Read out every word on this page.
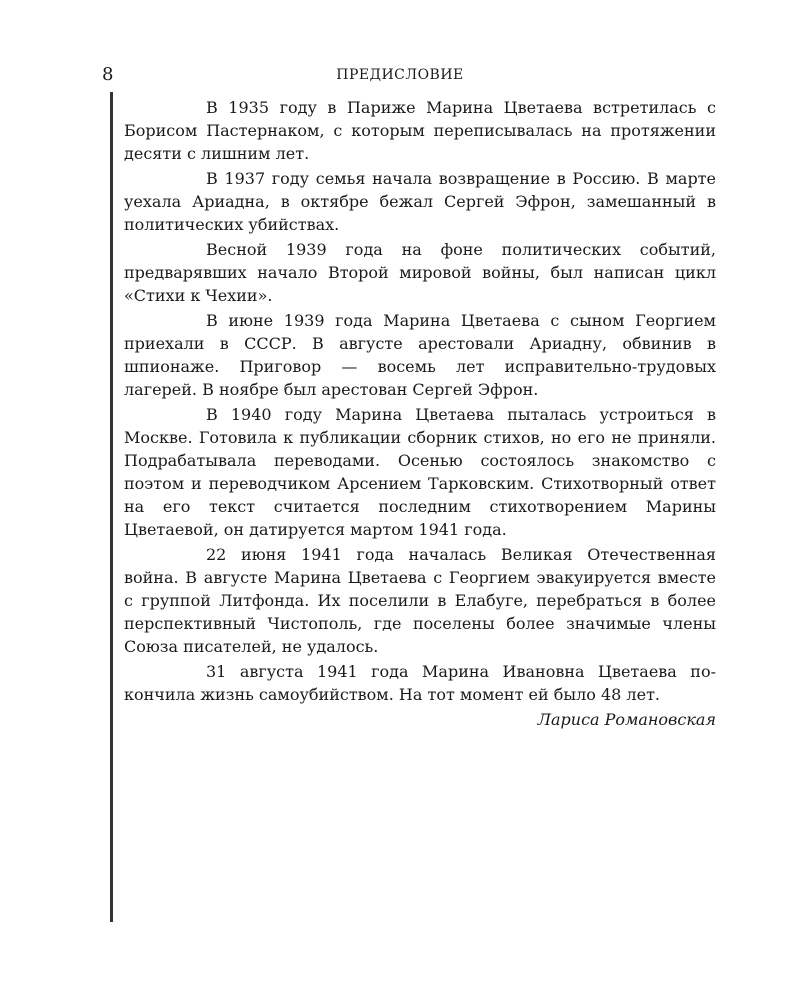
8	ПРЕДИСЛОВИЕ

В 1935 году в Париже Марина Цветаева встретилась с Борисом Пастернаком, с которым переписывалась на протяжении десяти с лишним лет.

В 1937 году семья начала возвращение в Россию. В марте уехала Ариадна, в октябре бежал Сергей Эфрон, замешанный в политических убийствах.

Весной 1939 года на фоне политических событий, предварявших начало Второй мировой войны, был написан цикл «Стихи к Чехии».

В июне 1939 года Марина Цветаева с сыном Георгием приехали в СССР. В августе арестовали Ариадну, обвинив в шпионаже. Приговор — восемь лет исправительно-трудовых лагерей. В ноябре был арестован Сергей Эфрон.

В 1940 году Марина Цветаева пыталась устроиться в Москве. Готовила к публикации сборник стихов, но его не приняли. Подрабатывала переводами. Осенью состоялось знакомство с поэтом и переводчиком Арсением Тарковским. Стихотворный ответ на его текст считается последним стихотворением Марины Цветаевой, он датируется мартом 1941 года.

22 июня 1941 года началась Великая Отечественная война. В августе Марина Цветаева с Георгием эвакуируется вместе с группой Литфонда. Их поселили в Елабуге, перебраться в более перспективный Чистополь, где поселены более значимые члены Союза писателей, не удалось.

31 августа 1941 года Марина Ивановна Цветаева покончила жизнь самоубийством. На тот момент ей было 48 лет.

Лариса Романовская
